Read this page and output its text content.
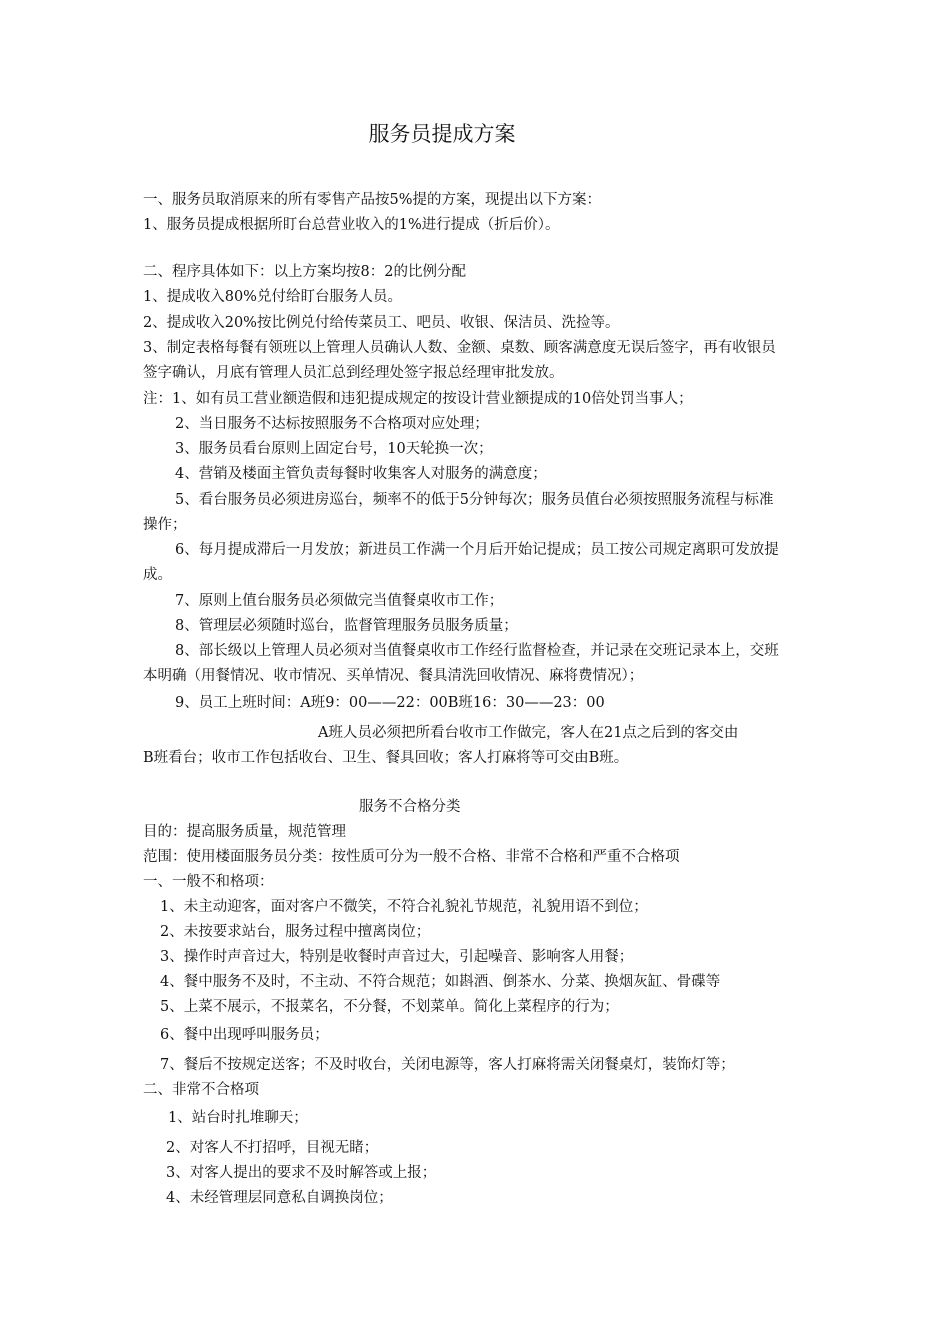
服务员提成方案
一、服务员取消原来的所有零售产品按5%提的方案，现提出以下方案：
1、服务员提成根据所盯台总营业收入的1%进行提成（折后价）。
二、程序具体如下：以上方案均按8：2的比例分配
1、提成收入80%兑付给盯台服务人员。
2、提成收入20%按比例兑付给传菜员工、吧员、收银、保洁员、洗捡等。
3、制定表格每餐有领班以上管理人员确认人数、金额、桌数、顾客满意度无误后签字，再有收银员
签字确认，月底有管理人员汇总到经理处签字报总经理审批发放。
注：1、如有员工营业额造假和违犯提成规定的按设计营业额提成的10倍处罚当事人；
2、当日服务不达标按照服务不合格项对应处理；
3、服务员看台原则上固定台号，10天轮换一次；
4、营销及楼面主管负责每餐时收集客人对服务的满意度；
5、看台服务员必须进房巡台，频率不的低于5分钟每次；服务员值台必须按照服务流程与标准
操作；
6、每月提成滞后一月发放；新进员工作满一个月后开始记提成；员工按公司规定离职可发放提
成。
7、原则上值台服务员必须做完当值餐桌收市工作；
8、管理层必须随时巡台，监督管理服务员服务质量；
8、部长级以上管理人员必须对当值餐桌收市工作经行监督检查，并记录在交班记录本上，交班
本明确（用餐情况、收市情况、买单情况、餐具清洗回收情况、麻将费情况）；
9、员工上班时间：A班9：00——22：00B班16：30——23：00
A班人员必须把所看台收市工作做完，客人在21点之后到的客交由
B班看台；收市工作包括收台、卫生、餐具回收；客人打麻将等可交由B班。
服务不合格分类
目的：提高服务质量，规范管理
范围：使用楼面服务员分类：按性质可分为一般不合格、非常不合格和严重不合格项
一、一般不和格项：
1、未主动迎客，面对客户不微笑，不符合礼貌礼节规范，礼貌用语不到位；
2、未按要求站台，服务过程中擅离岗位；
3、操作时声音过大，特别是收餐时声音过大，引起噪音、影响客人用餐；
4、餐中服务不及时，不主动、不符合规范；如斟酒、倒茶水、分菜、换烟灰缸、骨碟等
5、上菜不展示，不报菜名，不分餐，不划菜单。简化上菜程序的行为；
6、餐中出现呼叫服务员；
7、餐后不按规定送客；不及时收台，关闭电源等，客人打麻将需关闭餐桌灯，装饰灯等；
二、非常不合格项
1、站台时扎堆聊天；
2、对客人不打招呼，目视无睹；
3、对客人提出的要求不及时解答或上报；
4、未经管理层同意私自调换岗位；
